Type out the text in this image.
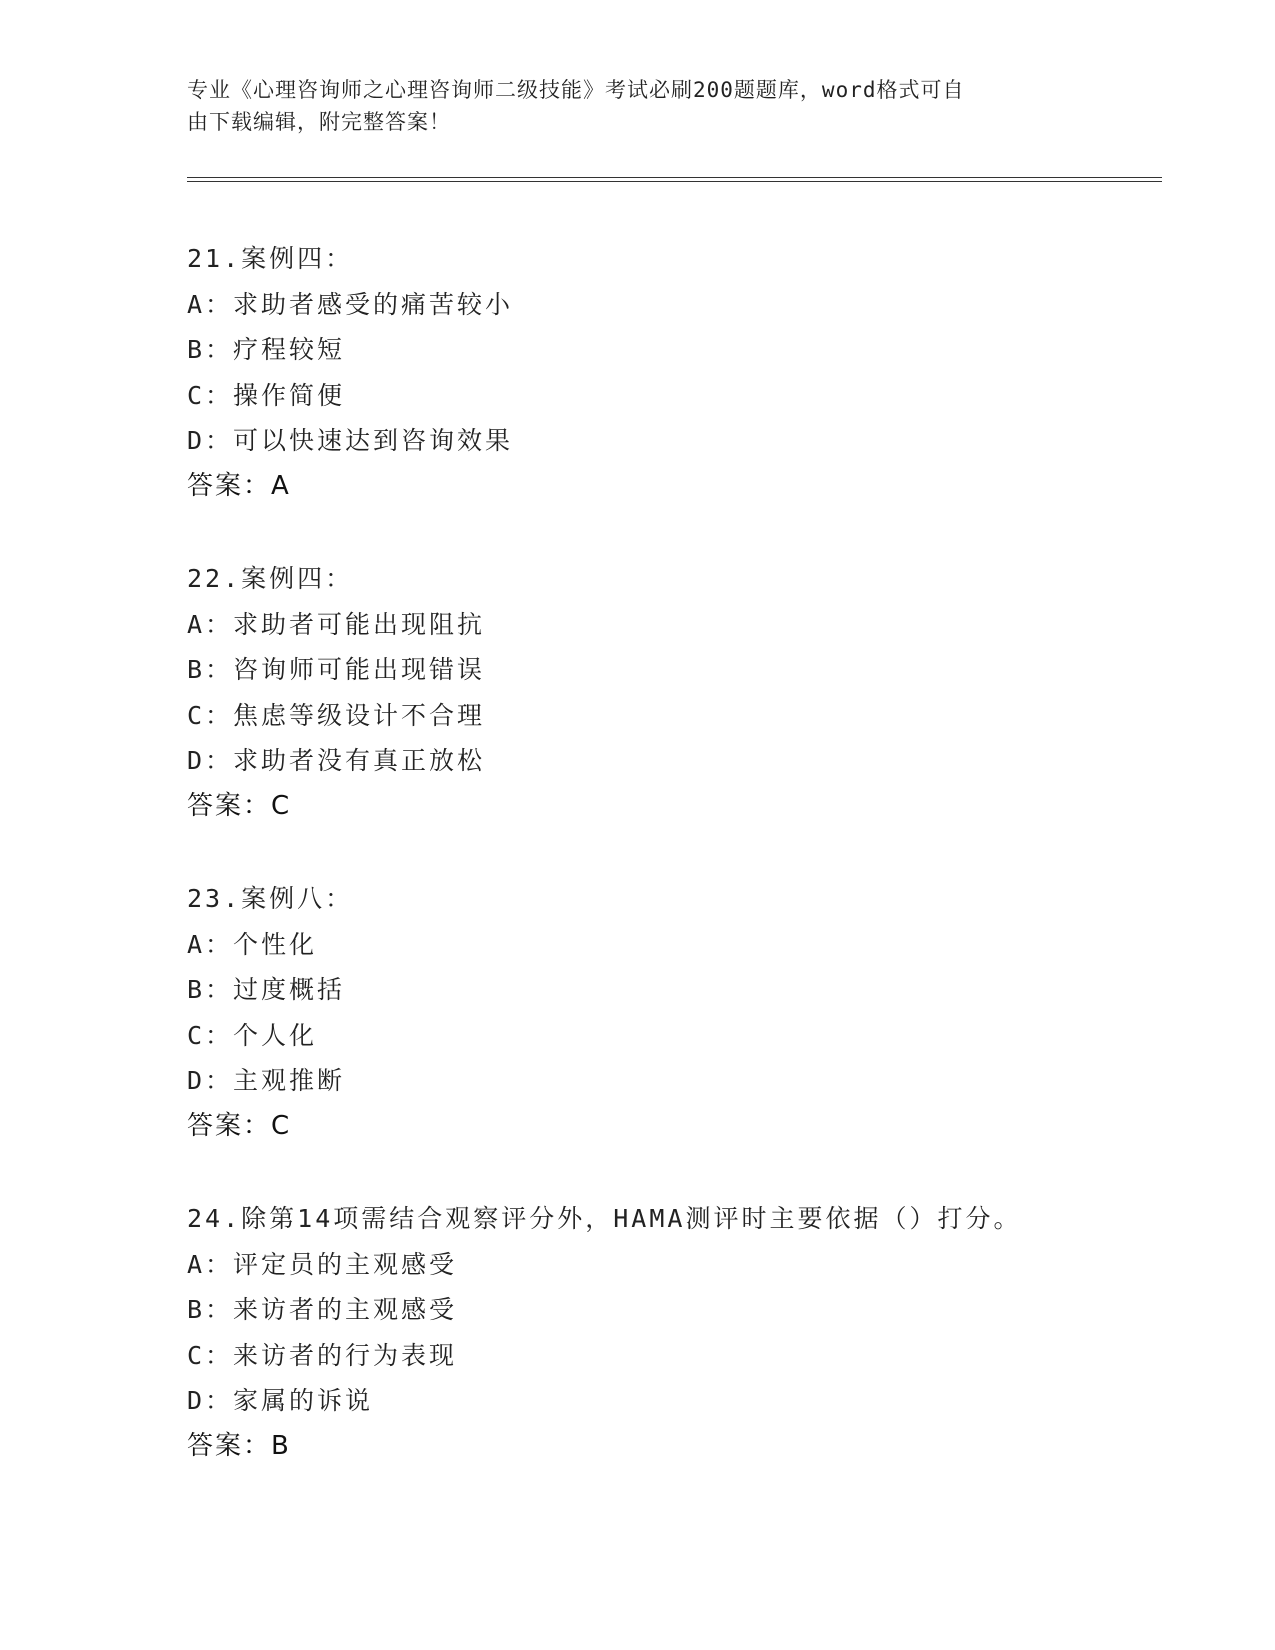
专业《心理咨询师之心理咨询师二级技能》考试必刷200题题库，word格式可自
由下载编辑，附完整答案！
21.案例四：
A：求助者感受的痛苦较小
B：疗程较短
C：操作简便
D：可以快速达到咨询效果
答案：A
22.案例四：
A：求助者可能出现阻抗
B：咨询师可能出现错误
C：焦虑等级设计不合理
D：求助者没有真正放松
答案：C
23.案例八：
A：个性化
B：过度概括
C：个人化
D：主观推断
答案：C
24.除第14项需结合观察评分外，HAMA测评时主要依据（）打分。
A：评定员的主观感受
B：来访者的主观感受
C：来访者的行为表现
D：家属的诉说
答案：B
